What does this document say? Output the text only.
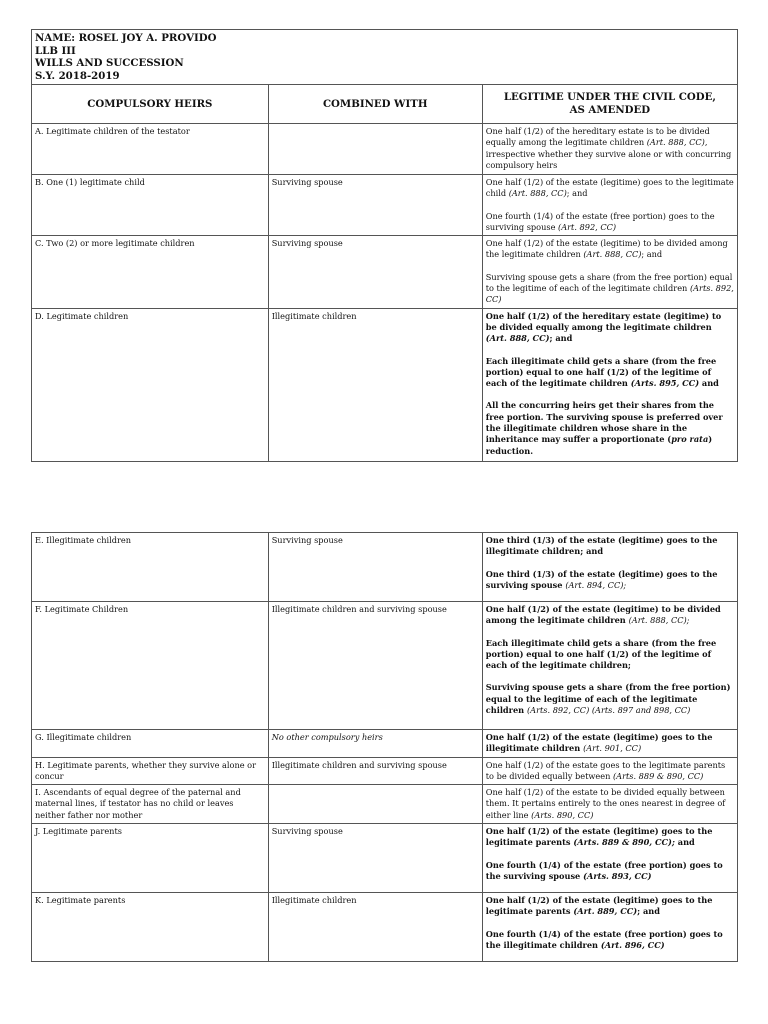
NAME: ROSEL JOY A. PROVIDO
LLB III
WILLS AND SUCCESSION
S.Y. 2018-2019		

COMPULSORY HEIRS	COMBINED WITH	LEGITIME UNDER THE CIVIL CODE,
AS AMENDED

A. Legitimate children of the testator		One half (1/2) of the hereditary estate is to be divided equally among the legitimate children (Art. 888, CC), irrespective whether they survive alone or with concurring compulsory heirs

B. One (1) legitimate child	Surviving spouse	One half (1/2) of the estate (legitime) goes to the legitimate child (Art. 888, CC); and

One fourth (1/4) of the estate (free portion) goes to the surviving spouse (Art. 892, CC)

C. Two (2) or more legitimate children	Surviving spouse	One half (1/2) of the estate (legitime) to be divided among the legitimate children (Art. 888, CC); and

Surviving spouse gets a share (from the free portion) equal to the legitime of each of the legitimate children (Arts. 892, CC)

D. Legitimate children	Illegitimate children	One half (1/2) of the hereditary estate (legitime) to be divided equally among the legitimate children (Art. 888, CC); and

Each illegitimate child gets a share (from the free portion) equal to one half (1/2) of the legitime of each of the legitimate children (Arts. 895, CC) and

All the concurring heirs get their shares from the free portion. The surviving spouse is preferred over the illegitimate children whose share in the inheritance may suffer a proportionate (pro rata) reduction.

E. Illegitimate children	Surviving spouse	One third (1/3) of the estate (legitime) goes to the illegitimate children; and

One third (1/3) of the estate (legitime) goes to the surviving spouse (Art. 894, CC);

F. Legitimate Children	Illegitimate children and surviving spouse	One half (1/2) of the estate (legitime) to be divided among the legitimate children (Art. 888, CC);

Each illegitimate child gets a share (from the free portion) equal to one half (1/2) of the legitime of each of the legitimate children;

Surviving spouse gets a share (from the free portion) equal to the legitime of each of the legitimate children (Arts. 892, CC) (Arts. 897 and 898, CC)

G. Illegitimate children	No other compulsory heirs	One half (1/2) of the estate (legitime) goes to the illegitimate children (Art. 901, CC)

H. Legitimate parents, whether they survive alone or concur	Illegitimate children and surviving spouse	One half (1/2) of the estate goes to the legitimate parents to be divided equally between (Arts. 889 & 890, CC)

I. Ascendants of equal degree of the paternal and maternal lines, if testator has no child or leaves neither father nor mother		One half (1/2) of the estate to be divided equally between them. It pertains entirely to the ones nearest in degree of either line (Arts. 890, CC)

J. Legitimate parents	Surviving spouse	One half (1/2) of the estate (legitime) goes to the legitimate parents (Arts. 889 & 890, CC); and

One fourth (1/4) of the estate (free portion) goes to the surviving spouse (Arts. 893, CC)

K. Legitimate parents	Illegitimate children	One half (1/2) of the estate (legitime) goes to the legitimate parents (Art. 889, CC); and

One fourth (1/4) of the estate (free portion) goes to the illegitimate children (Art. 896, CC)
